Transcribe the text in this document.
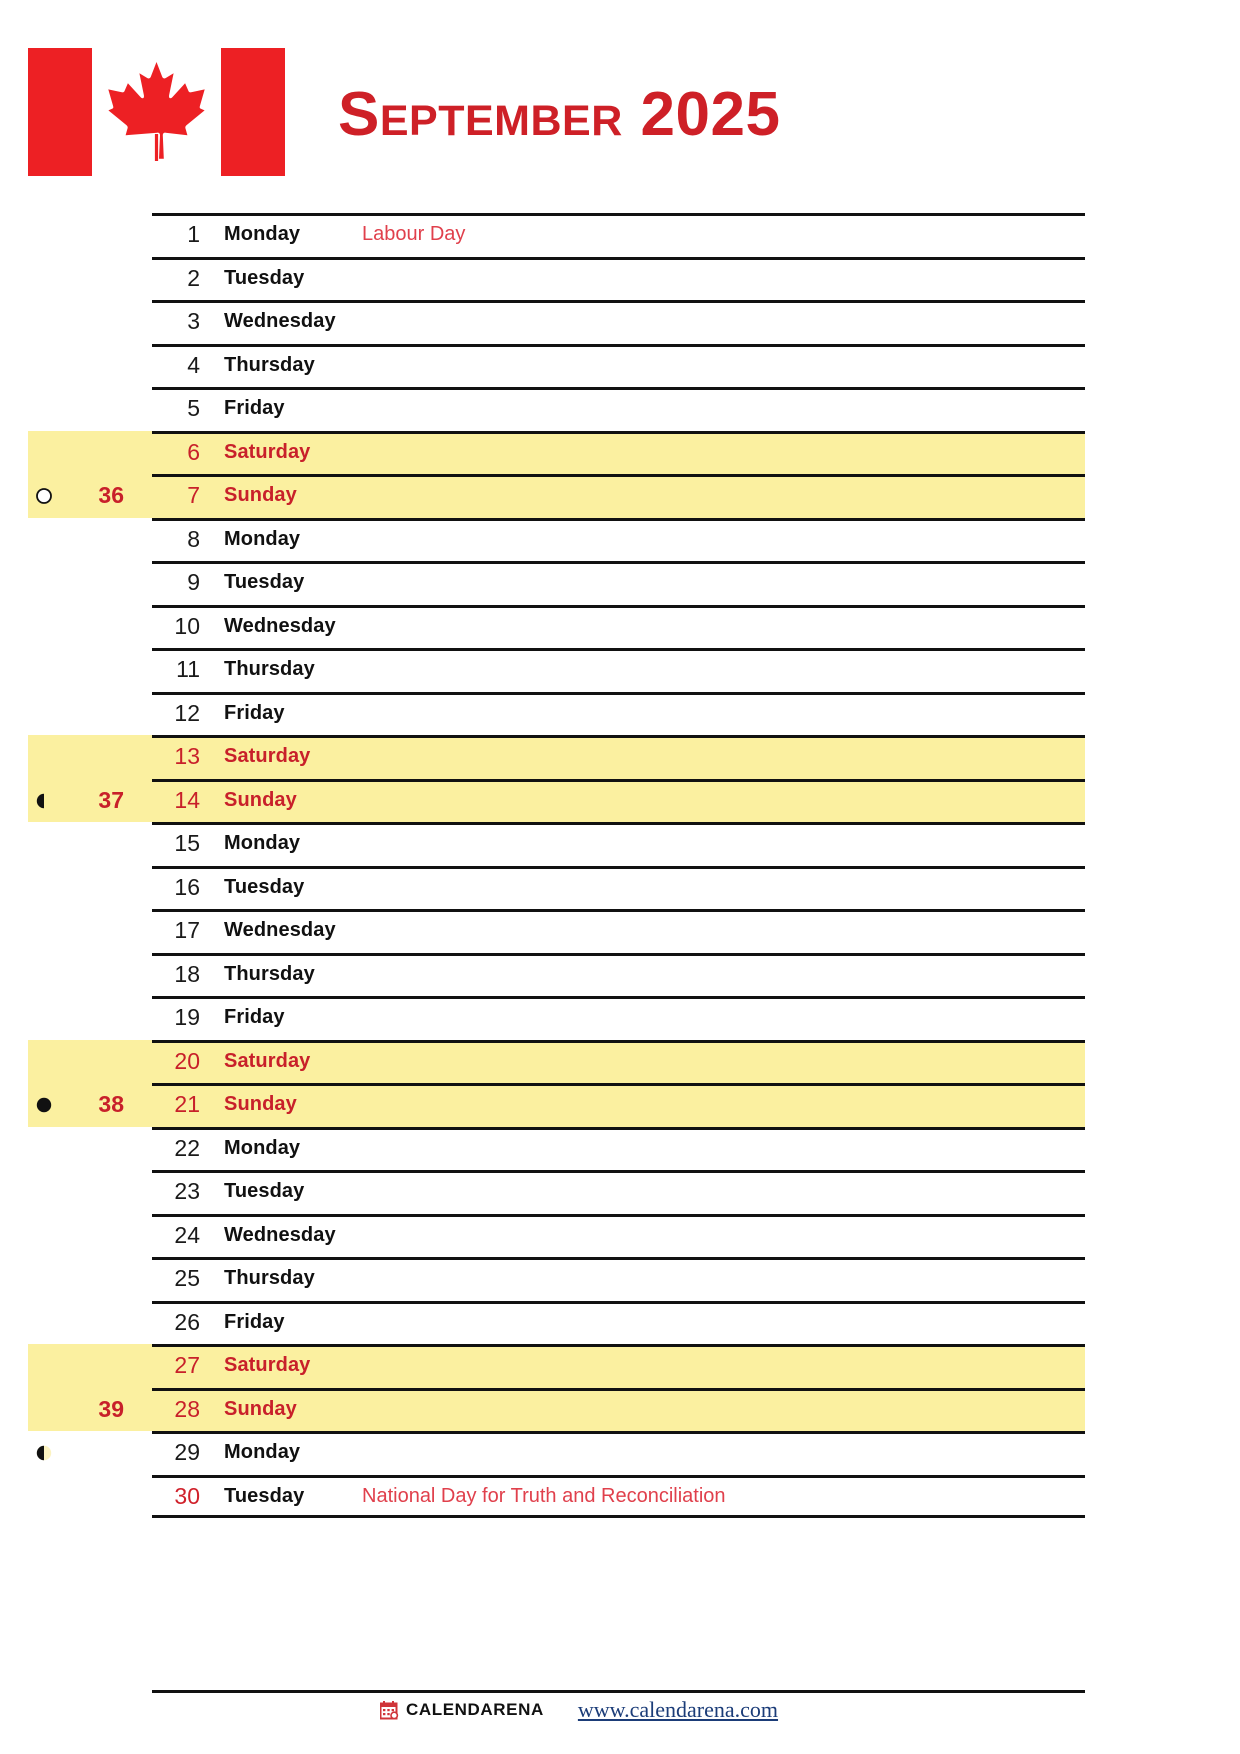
September 2025
1 Monday	Labour Day
2 Tuesday
3 Wednesday
4 Thursday
5 Friday
6 Saturday
36	7 Sunday
8 Monday
9 Tuesday
10 Wednesday
11 Thursday
12 Friday
13 Saturday
37	14 Sunday
15 Monday
16 Tuesday
17 Wednesday
18 Thursday
19 Friday
20 Saturday
38	21 Sunday
22 Monday
23 Tuesday
24 Wednesday
25 Thursday
26 Friday
27 Saturday
39	28 Sunday
29 Monday
30 Tuesday	National Day for Truth and Reconciliation
CALENDARENA www.calendarena.com
